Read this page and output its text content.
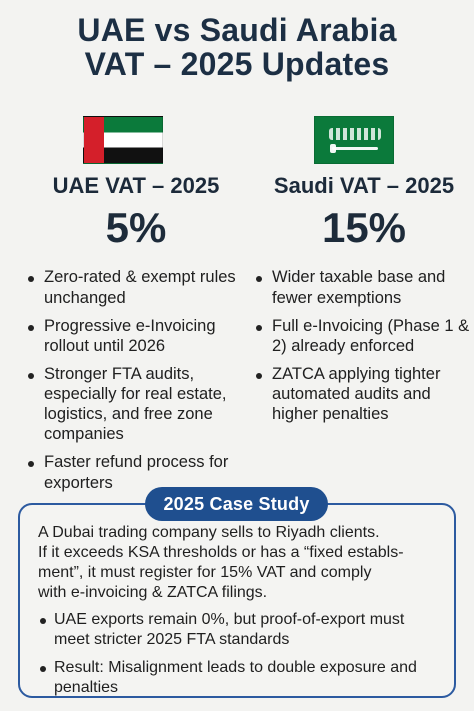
UAE vs Saudi Arabia
VAT – 2025 Updates
UAE VAT – 2025
5%
Zero-rated & exempt rules unchanged
Progressive e-Invoicing rollout until 2026
Stronger FTA audits, especially for real estate, logistics, and free zone companies
Faster refund process for exporters
Saudi VAT – 2025
15%
Wider taxable base and fewer exemptions
Full e-Invoicing (Phase 1 & 2) already enforced
ZATCA applying tighter automated audits and higher penalties
2025 Case Study
A Dubai trading company sells to Riyadh clients.
If it exceeds KSA thresholds or has a “fixed establs-
ment”, it must register for 15% VAT and comply
with e-invoicing & ZATCA filings.
UAE exports remain 0%, but proof-of-export must meet stricter 2025 FTA standards
Result: Misalignment leads to double exposure and penalties
